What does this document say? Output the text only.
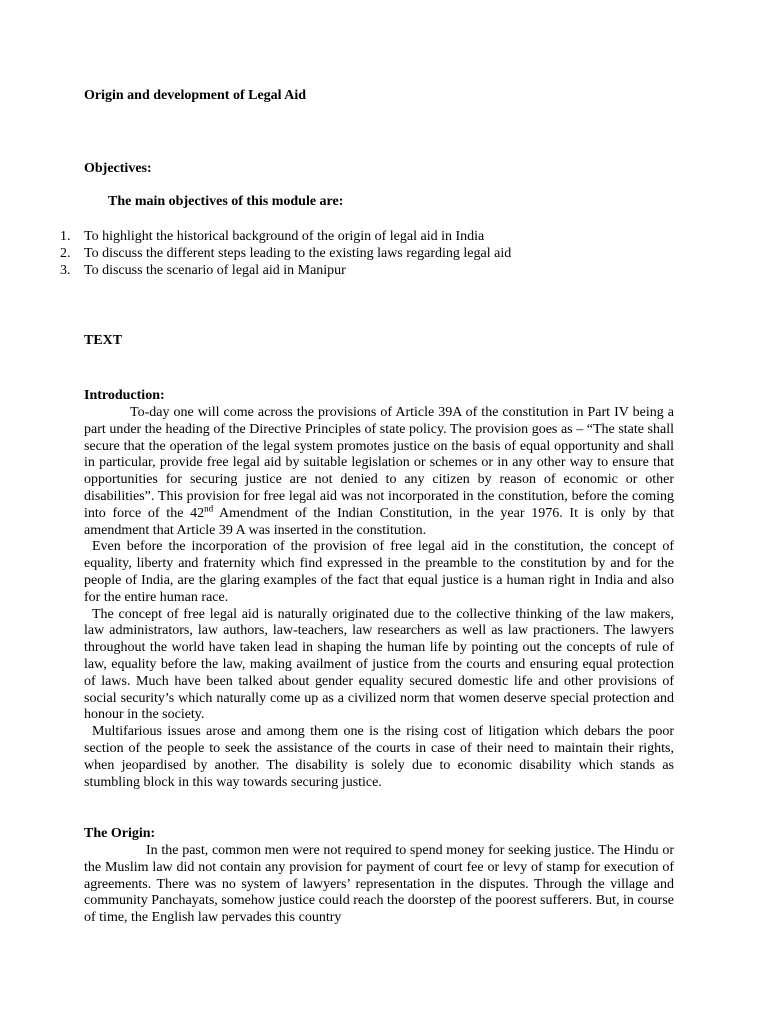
Origin and development of Legal Aid
Objectives:
The main objectives of this module are:
1. To highlight the historical background of the origin of legal aid in India
2. To discuss the different steps leading to the existing laws regarding legal aid
3. To discuss the scenario of legal aid in Manipur
TEXT
Introduction:

To-day one will come across the provisions of Article 39A of the constitution in Part IV being a part under the heading of the Directive Principles of state policy. The provision goes as – “The state shall secure that the operation of the legal system promotes justice on the basis of equal opportunity and shall in particular, provide free legal aid by suitable legislation or schemes or in any other way to ensure that opportunities for securing justice are not denied to any citizen by reason of economic or other disabilities”. This provision for free legal aid was not incorporated in the constitution, before the coming into force of the 42nd Amendment of the Indian Constitution, in the year 1976. It is only by that amendment that Article 39 A was inserted in the constitution.

Even before the incorporation of the provision of free legal aid in the constitution, the concept of equality, liberty and fraternity which find expressed in the preamble to the constitution by and for the people of India, are the glaring examples of the fact that equal justice is a human right in India and also for the entire human race.

The concept of free legal aid is naturally originated due to the collective thinking of the law makers, law administrators, law authors, law-teachers, law researchers as well as law practioners. The lawyers throughout the world have taken lead in shaping the human life by pointing out the concepts of rule of law, equality before the law, making availment of justice from the courts and ensuring equal protection of laws. Much have been talked about gender equality secured domestic life and other provisions of social security’s which naturally come up as a civilized norm that women deserve special protection and honour in the society.

Multifarious issues arose and among them one is the rising cost of litigation which debars the poor section of the people to seek the assistance of the courts in case of their need to maintain their rights, when jeopardised by another. The disability is solely due to economic disability which stands as stumbling block in this way towards securing justice.

The Origin:

In the past, common men were not required to spend money for seeking justice. The Hindu or the Muslim law did not contain any provision for payment of court fee or levy of stamp for execution of agreements. There was no system of lawyers’ representation in the disputes. Through the village and community Panchayats, somehow justice could reach the doorstep of the poorest sufferers. But, in course of time, the English law pervades this country
